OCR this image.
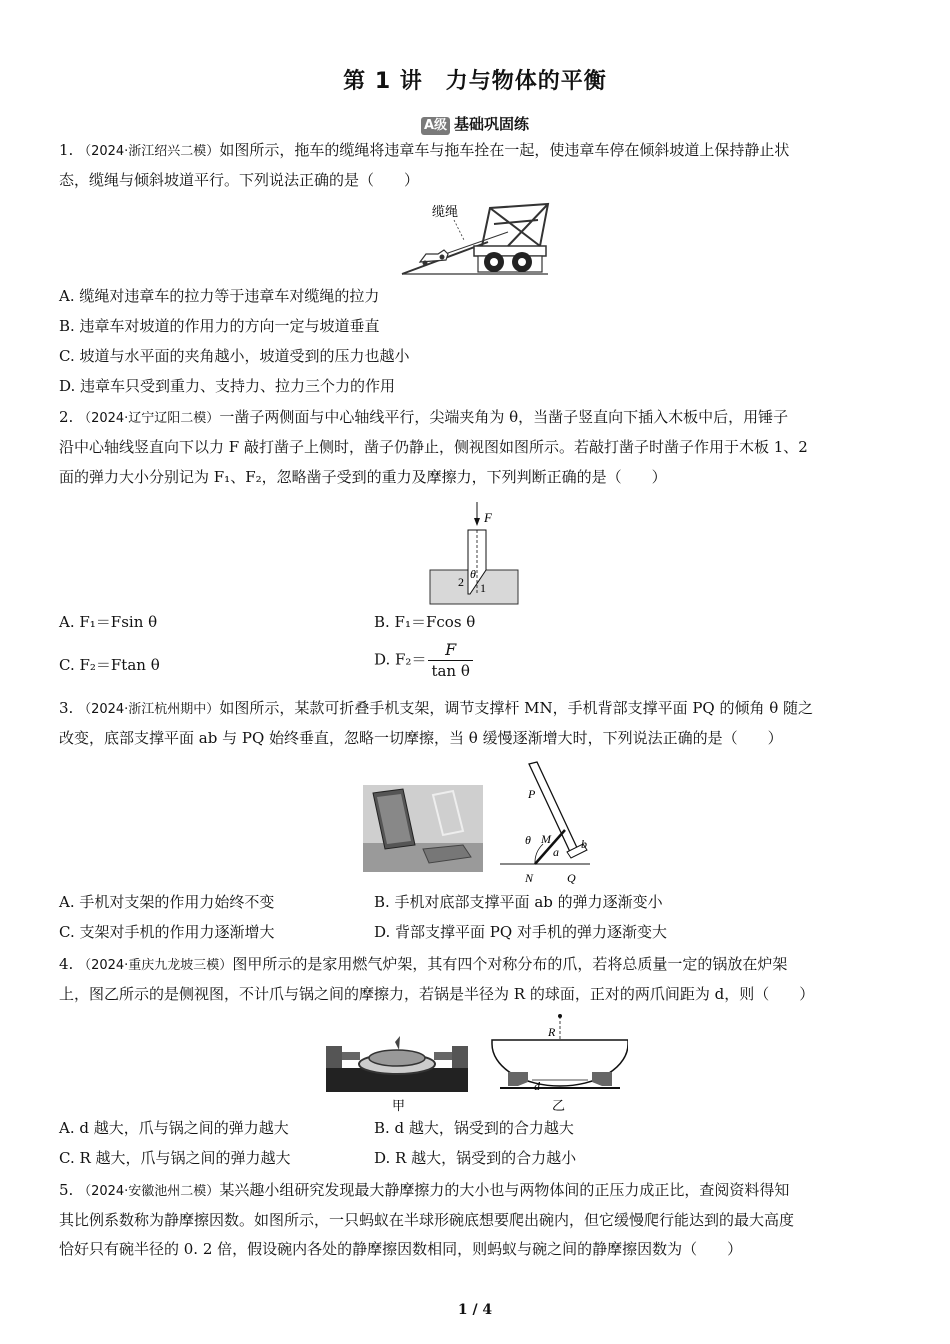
第 1 讲　力与物体的平衡
A级 基础巩固练
1. （2024·浙江绍兴二模）如图所示，拖车的缆绳将违章车与拖车拴在一起，使违章车停在倾斜坡道上保持静止状
态，缆绳与倾斜坡道平行。下列说法正确的是（　　）
缆绳
A. 缆绳对违章车的拉力等于违章车对缆绳的拉力
B. 违章车对坡道的作用力的方向一定与坡道垂直
C. 坡道与水平面的夹角越小，坡道受到的压力也越小
D. 违章车只受到重力、支持力、拉力三个力的作用
2. （2024·辽宁辽阳二模）一凿子两侧面与中心轴线平行，尖端夹角为 θ，当凿子竖直向下插入木板中后，用锤子
沿中心轴线竖直向下以力 F 敲打凿子上侧时，凿子仍静止，侧视图如图所示。若敲打凿子时凿子作用于木板 1、2
面的弹力大小分别记为 F₁、F₂，忽略凿子受到的重力及摩擦力，下列判断正确的是（　　）
F
θ
2 1
A. F₁＝Fsin θ	B. F₁＝Fcos θ
C. F₂＝Ftan θ	D. $F_2= \frac{F}{\text{tan θ}}$
3. （2024·浙江杭州期中）如图所示，某款可折叠手机支架，调节支撑杆 MN，手机背部支撑平面 PQ 的倾角 θ 随之
改变，底部支撑平面 ab 与 PQ 始终垂直，忽略一切摩擦，当 θ 缓慢逐渐增大时，下列说法正确的是（　　）
P
M
θ
a
b
N	Q
A. 手机对支架的作用力始终不变	B. 手机对底部支撑平面 ab 的弹力逐渐变小
C. 支架对手机的作用力逐渐增大	D. 背部支撑平面 PQ 对手机的弹力逐渐变大
4. （2024·重庆九龙坡三模）图甲所示的是家用燃气炉架，其有四个对称分布的爪，若将总质量一定的锅放在炉架
上，图乙所示的是侧视图，不计爪与锅之间的摩擦力，若锅是半径为 R 的球面，正对的两爪间距为 d，则（　　）
甲
R
d
乙
A. d 越大，爪与锅之间的弹力越大	B. d 越大，锅受到的合力越大
C. R 越大，爪与锅之间的弹力越大	D. R 越大，锅受到的合力越小
5. （2024·安徽池州二模）某兴趣小组研究发现最大静摩擦力的大小也与两物体间的正压力成正比，查阅资料得知
其比例系数称为静摩擦因数。如图所示，一只蚂蚁在半球形碗底想要爬出碗内，但它缓慢爬行能达到的最大高度
恰好只有碗半径的 0. 2 倍，假设碗内各处的静摩擦因数相同，则蚂蚁与碗之间的静摩擦因数为（　　）
1 / 4
